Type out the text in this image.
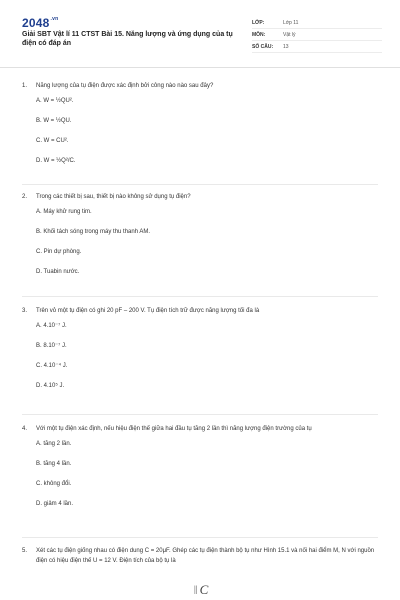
$2048^{.vn}$
Giải SBT Vật lí 11 CTST Bài 15. Năng lượng và ứng dụng của tụ điện có đáp án
LỚP:	Lớp 11
MÔN:	Vật lý
SỐ CÂU:	13
1.	Năng lượng của tụ điện được xác định bởi công nào nào sau đây?
A. W = ½QU².
B. W = ½QU.
C. W = CU².
D. W = ½Q²/C.
2.	Trong các thiết bị sau, thiết bị nào không sử dụng tụ điện?
A. Máy khử rung tim.
B. Khối tách sóng trong máy thu thanh AM.
C. Pin dự phòng.
D. Tuabin nước.
3.	Trên vỏ một tụ điện có ghi 20 pF – 200 V. Tụ điện tích trữ được năng lượng tối đa là
A. 4.10⁻⁷ J.
B. 8.10⁻⁷ J.
C. 4.10⁻⁴ J.
D. 4.10⁵ J.
4.	Với một tụ điện xác định, nếu hiệu điện thế giữa hai đầu tụ tăng 2 lần thì năng lượng điện trường của tụ
A. tăng 2 lần.
B. tăng 4 lần.
C. không đổi.
D. giảm 4 lần.
5.	Xét các tụ điện giống nhau có điện dung C = 20μF. Ghép các tụ điện thành bộ tụ như Hình 15.1 và nối hai điểm M, N với nguồn điện có hiệu điện thế U = 12 V. Điện tích của bộ tụ là
|| C
